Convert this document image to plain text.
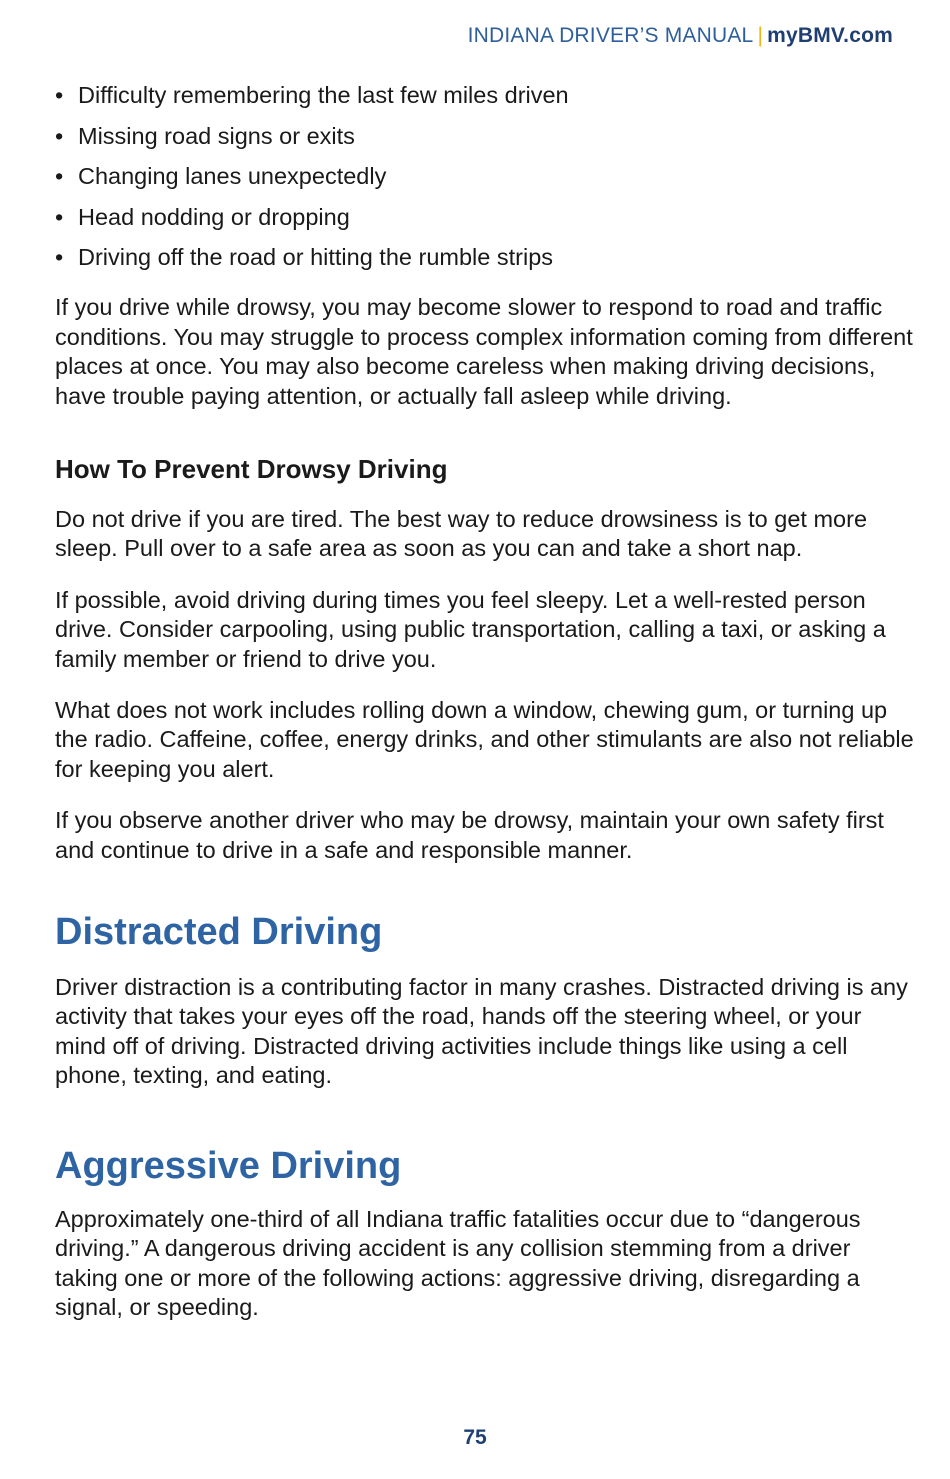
INDIANA DRIVER’S MANUAL | myBMV.com
• Difficulty remembering the last few miles driven
• Missing road signs or exits
• Changing lanes unexpectedly
• Head nodding or dropping
• Driving off the road or hitting the rumble strips

If you drive while drowsy, you may become slower to respond to road and traffic conditions. You may struggle to process complex information coming from different places at once. You may also become careless when making driving decisions, have trouble paying attention, or actually fall asleep while driving.

How To Prevent Drowsy Driving

Do not drive if you are tired. The best way to reduce drowsiness is to get more sleep. Pull over to a safe area as soon as you can and take a short nap.

If possible, avoid driving during times you feel sleepy. Let a well-rested person drive. Consider carpooling, using public transportation, calling a taxi, or asking a family member or friend to drive you.

What does not work includes rolling down a window, chewing gum, or turning up the radio. Caffeine, coffee, energy drinks, and other stimulants are also not reliable for keeping you alert.

If you observe another driver who may be drowsy, maintain your own safety first and continue to drive in a safe and responsible manner.

Distracted Driving

Driver distraction is a contributing factor in many crashes. Distracted driving is any activity that takes your eyes off the road, hands off the steering wheel, or your mind off of driving. Distracted driving activities include things like using a cell phone, texting, and eating.

Aggressive Driving

Approximately one-third of all Indiana traffic fatalities occur due to “dangerous driving.” A dangerous driving accident is any collision stemming from a driver taking one or more of the following actions: aggressive driving, disregarding a signal, or speeding.

75
